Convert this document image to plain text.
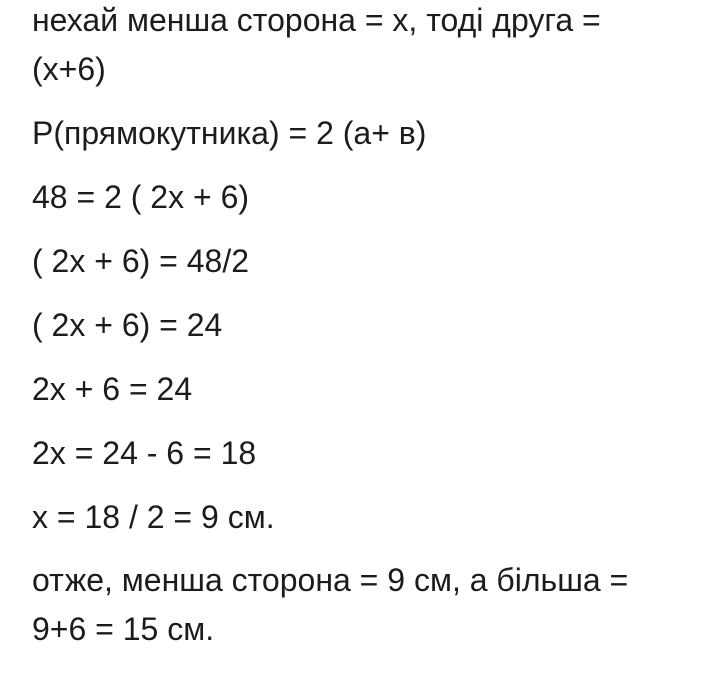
нехай менша сторона = х, тоді друга =
(х+6)
Р(прямокутника) = 2 (а+ в)
48 = 2 ( 2х + 6)
( 2х + 6) = 48/2
( 2х + 6) = 24
2х + 6 = 24
2х = 24 - 6 = 18
х = 18 / 2 = 9 см.
отже, менша сторона = 9 см, а більша =
9+6 = 15 см.
